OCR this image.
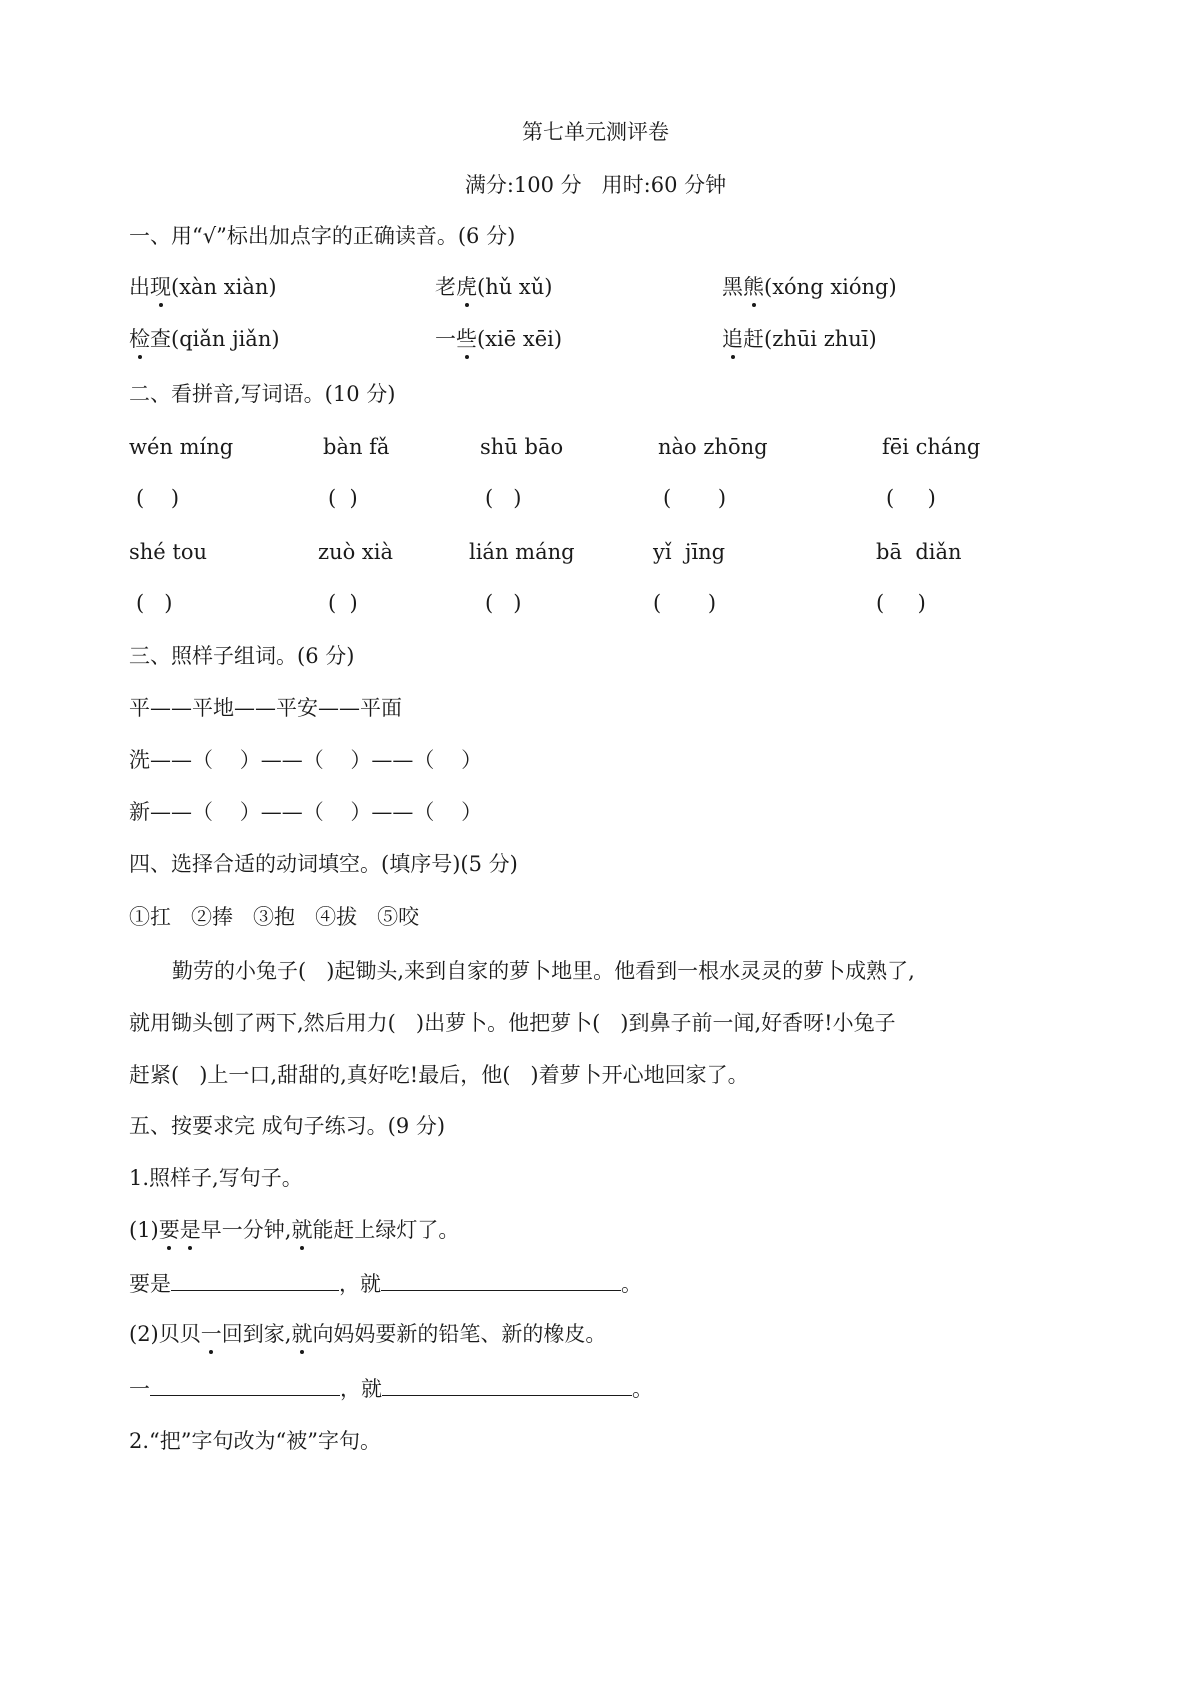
第七单元测评卷
满分:100 分   用时:60 分钟
一、用“√”标出加点字的正确读音。(6 分)
出现(xàn xiàn)	老虎(hǔ xǔ)	黑熊(xóng xióng)
检查(qiǎn jiǎn)	一些(xiē xēi)	追赶(zhūi zhuī)
二、看拼音,写词语。(10 分)
wén míng	bàn fǎ	shū bāo	nào zhōng	fēi cháng
(    )	(  )	(   )	(       )	(     )
shé tou	zuò xià	lián máng	yǐ  jīng	bā  diǎn
(   )	(  )	(   )	(       )	(     )
三、照样子组词。(6 分)
平——平地——平安——平面
洗——（    ）——（    ）——（    ）
新——（    ）——（    ）——（    ）
四、选择合适的动词填空。(填序号)(5 分)
①扛   ②捧   ③抱   ④拔   ⑤咬
勤劳的小兔子(   )起锄头,来到自家的萝卜地里。他看到一根水灵灵的萝卜成熟了,
就用锄头刨了两下,然后用力(   )出萝卜。他把萝卜(   )到鼻子前一闻,好香呀!小兔子
赶紧(   )上一口,甜甜的,真好吃!最后，他(   )着萝卜开心地回家了。
五、按要求完 成句子练习。(9 分)
1.照样子,写句子。
(1)要是早一分钟,就能赶上绿灯了。
要是	，就	。
(2)贝贝一回到家,就向妈妈要新的铅笔、新的橡皮。
一	，就	。
2.“把”字句改为“被”字句。
